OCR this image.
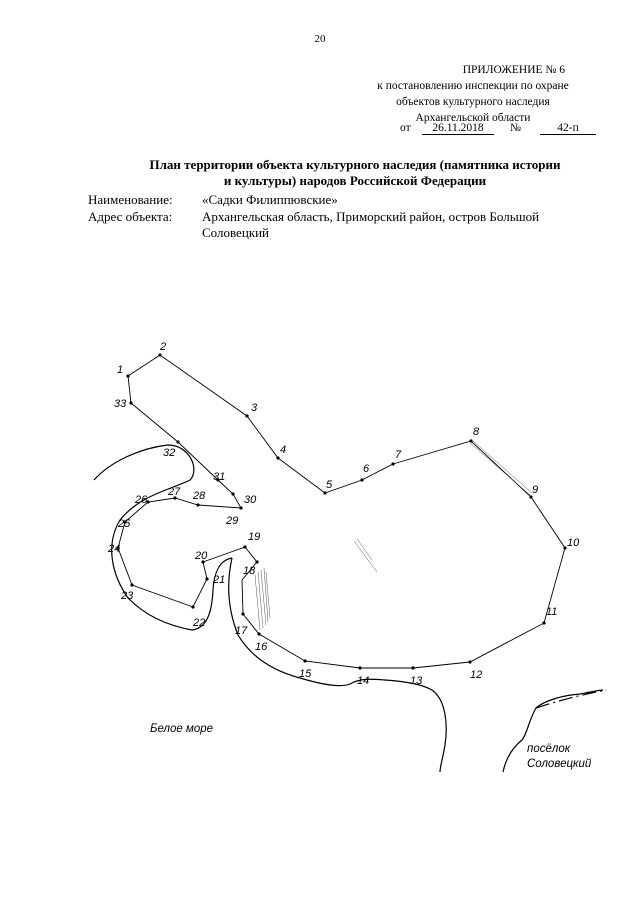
20
ПРИЛОЖЕНИЕ № 6
к постановлению инспекции по охране
объектов культурного наследия
Архангельской области
от	26.11.2018	№	42-п
План территории объекта культурного наследия (памятника истории
и культуры) народов Российской Федерации
Наименование:	«Садки Филиппювские»
Адрес объекта:	Архангельская область, Приморский район, остров Большой
Соловецкий
1
2
3
4
5
6
7
8
9
10
11
12
13
14
15
16
17
18
19
20
21
22
23
24
25
26
27 28
29
30
31
32
33
Белое море
посёлок
Соловецкий
